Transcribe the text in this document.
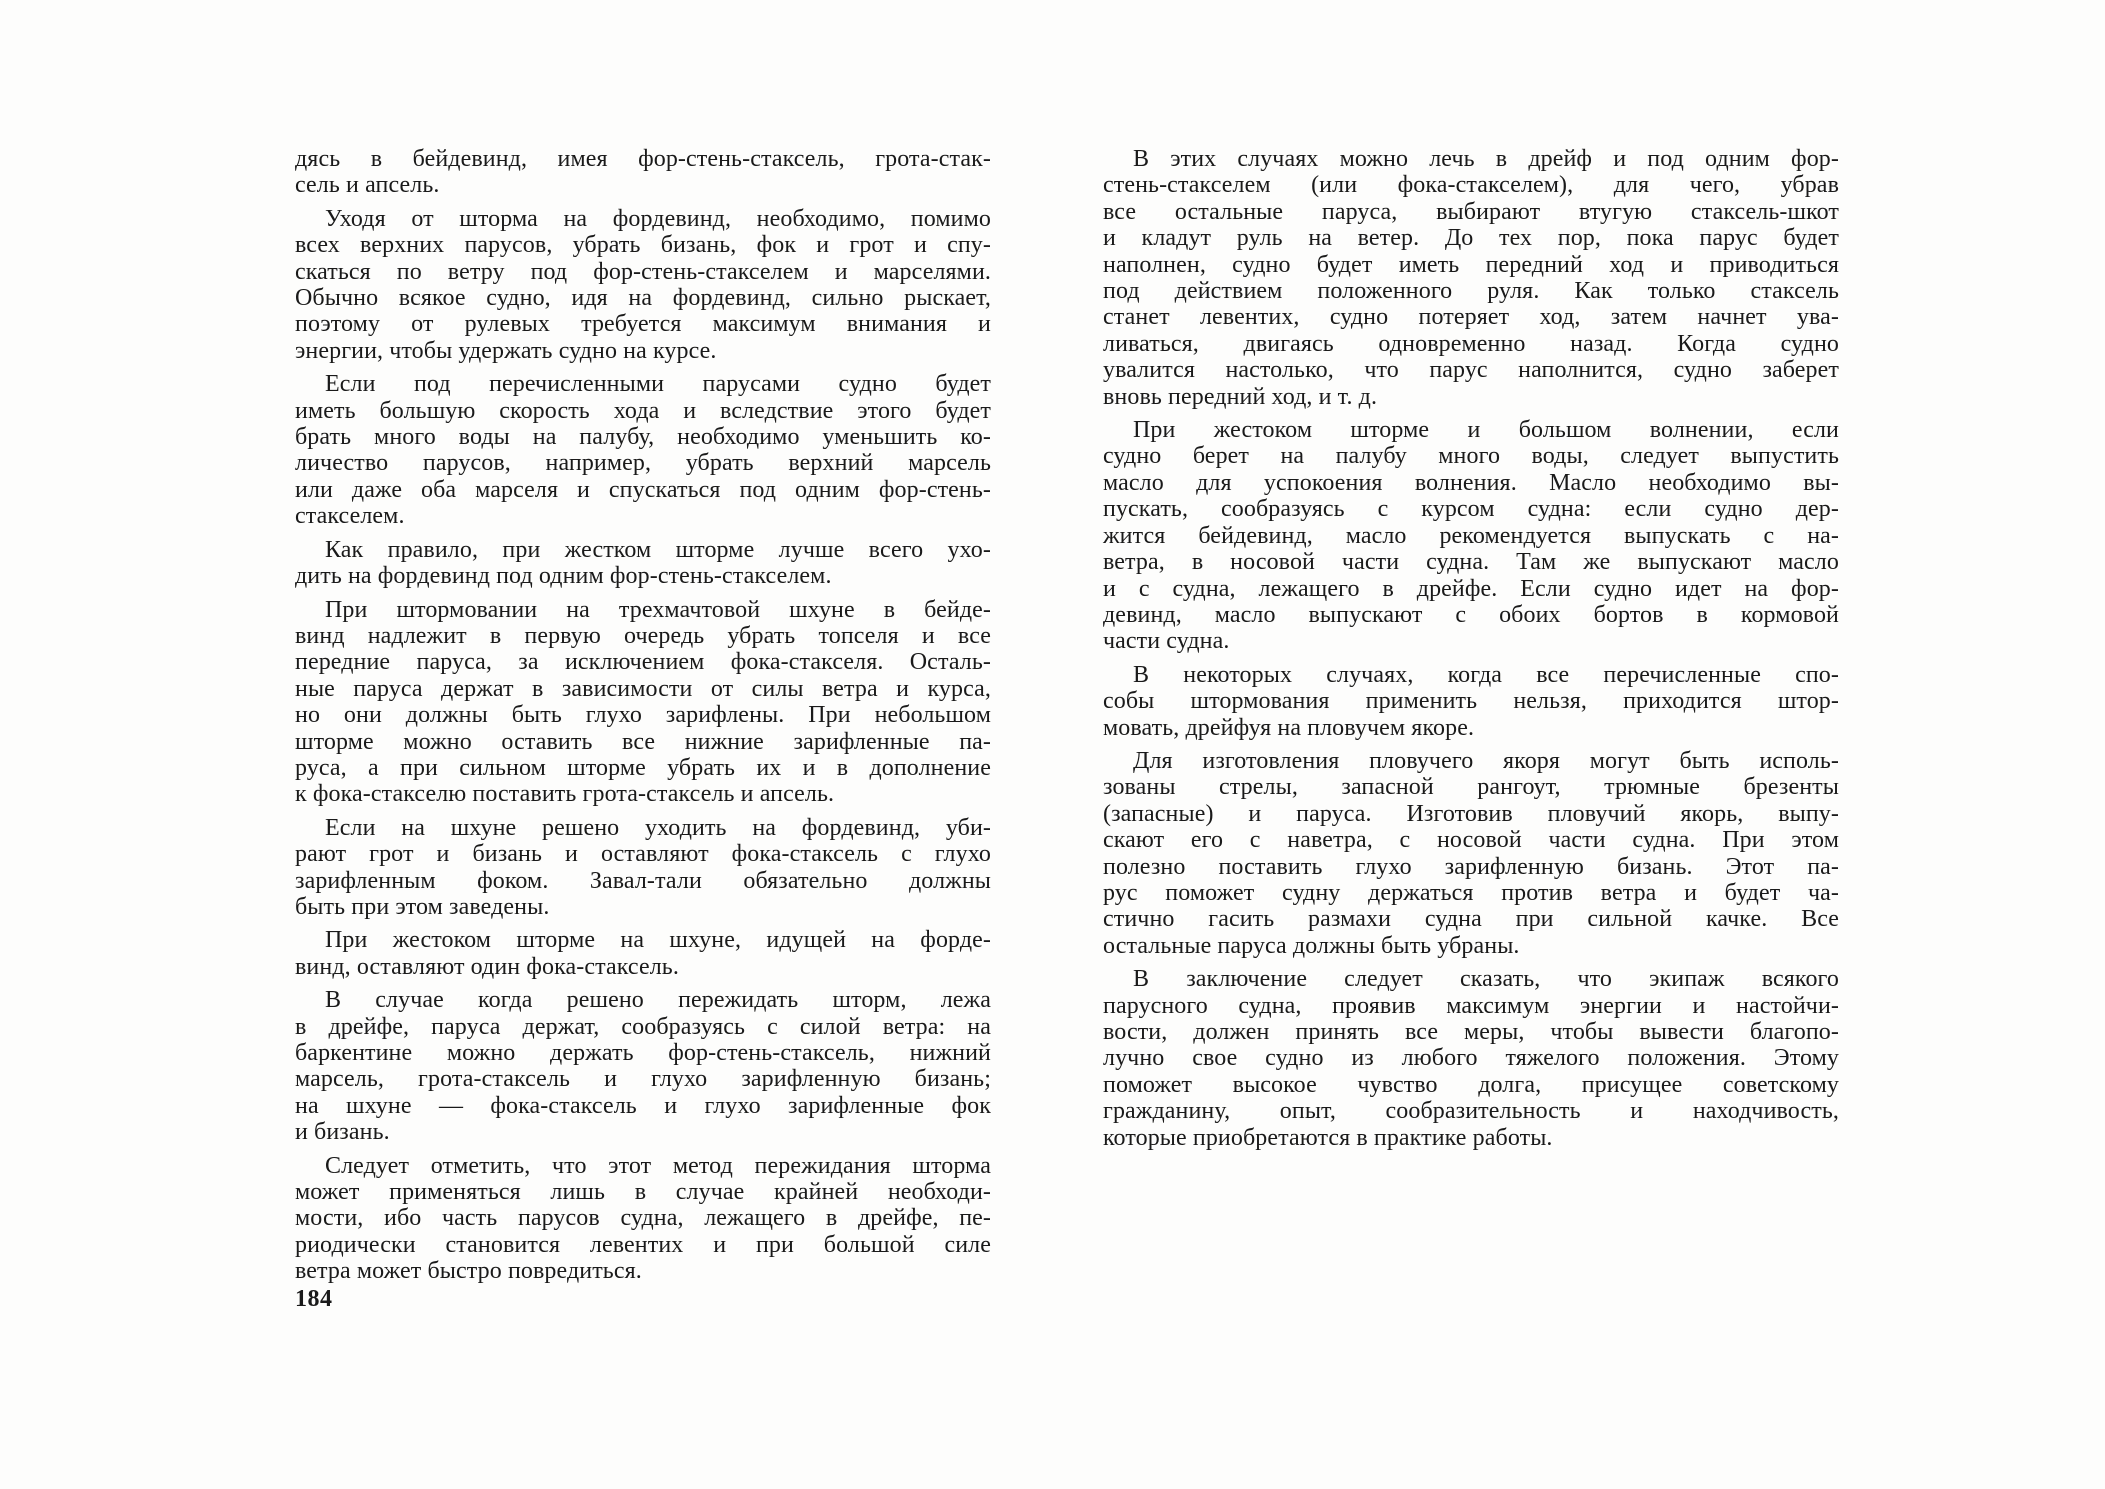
дясь в бейдевинд, имея фор-стень-стаксель, грота-стак-
сель и апсель.
Уходя от шторма на фордевинд, необходимо, помимо
всех верхних парусов, убрать бизань, фок и грот и спу-
скаться по ветру под фор-стень-стакселем и марселями.
Обычно всякое судно, идя на фордевинд, сильно рыскает,
поэтому от рулевых требуется максимум внимания и
энергии, чтобы удержать судно на курсе.
Если под перечисленными парусами судно будет
иметь большую скорость хода и вследствие этого будет
брать много воды на палубу, необходимо уменьшить ко-
личество парусов, например, убрать верхний марсель
или даже оба марселя и спускаться под одним фор-стень-
стакселем.
Как правило, при жестком шторме лучше всего ухо-
дить на фордевинд под одним фор-стень-стакселем.
При штормовании на трехмачтовой шхуне в бейде-
винд надлежит в первую очередь убрать топселя и все
передние паруса, за исключением фока-стакселя. Осталь-
ные паруса держат в зависимости от силы ветра и курса,
но они должны быть глухо зарифлены. При небольшом
шторме можно оставить все нижние зарифленные па-
руса, а при сильном шторме убрать их и в дополнение
к фока-стакселю поставить грота-стаксель и апсель.
Если на шхуне решено уходить на фордевинд, уби-
рают грот и бизань и оставляют фока-стаксель с глухо
зарифленным фоком. Завал-тали обязательно должны
быть при этом заведены.
При жестоком шторме на шхуне, идущей на форде-
винд, оставляют один фока-стаксель.
В случае когда решено пережидать шторм, лежа
в дрейфе, паруса держат, сообразуясь с силой ветра: на
баркентине можно держать фор-стень-стаксель, нижний
марсель, грота-стаксель и глухо зарифленную бизань;
на шхуне — фока-стаксель и глухо зарифленные фок
и бизань.
Следует отметить, что этот метод пережидания шторма
может применяться лишь в случае крайней необходи-
мости, ибо часть парусов судна, лежащего в дрейфе, пе-
риодически становится левентих и при большой силе
ветра может быстро повредиться.
184
В этих случаях можно лечь в дрейф и под одним фор-
стень-стакселем (или фока-стакселем), для чего, убрав
все остальные паруса, выбирают втугую стаксель-шкот
и кладут руль на ветер. До тех пор, пока парус будет
наполнен, судно будет иметь передний ход и приводиться
под действием положенного руля. Как только стаксель
станет левентих, судно потеряет ход, затем начнет ува-
ливаться, двигаясь одновременно назад. Когда судно
увалится настолько, что парус наполнится, судно заберет
вновь передний ход, и т. д.
При жестоком шторме и большом волнении, если
судно берет на палубу много воды, следует выпустить
масло для успокоения волнения. Масло необходимо вы-
пускать, сообразуясь с курсом судна: если судно дер-
жится бейдевинд, масло рекомендуется выпускать с на-
ветра, в носовой части судна. Там же выпускают масло
и с судна, лежащего в дрейфе. Если судно идет на фор-
девинд, масло выпускают с обоих бортов в кормовой
части судна.
В некоторых случаях, когда все перечисленные спо-
собы штормования применить нельзя, приходится штор-
мовать, дрейфуя на пловучем якоре.
Для изготовления пловучего якоря могут быть исполь-
зованы стрелы, запасной рангоут, трюмные брезенты
(запасные) и паруса. Изготовив пловучий якорь, выпу-
скают его с наветра, с носовой части судна. При этом
полезно поставить глухо зарифленную бизань. Этот па-
рус поможет судну держаться против ветра и будет ча-
стично гасить размахи судна при сильной качке. Все
остальные паруса должны быть убраны.
В заключение следует сказать, что экипаж всякого
парусного судна, проявив максимум энергии и настойчи-
вости, должен принять все меры, чтобы вывести благопо-
лучно свое судно из любого тяжелого положения. Этому
поможет высокое чувство долга, присущее советскому
гражданину, опыт, сообразительность и находчивость,
которые приобретаются в практике работы.
